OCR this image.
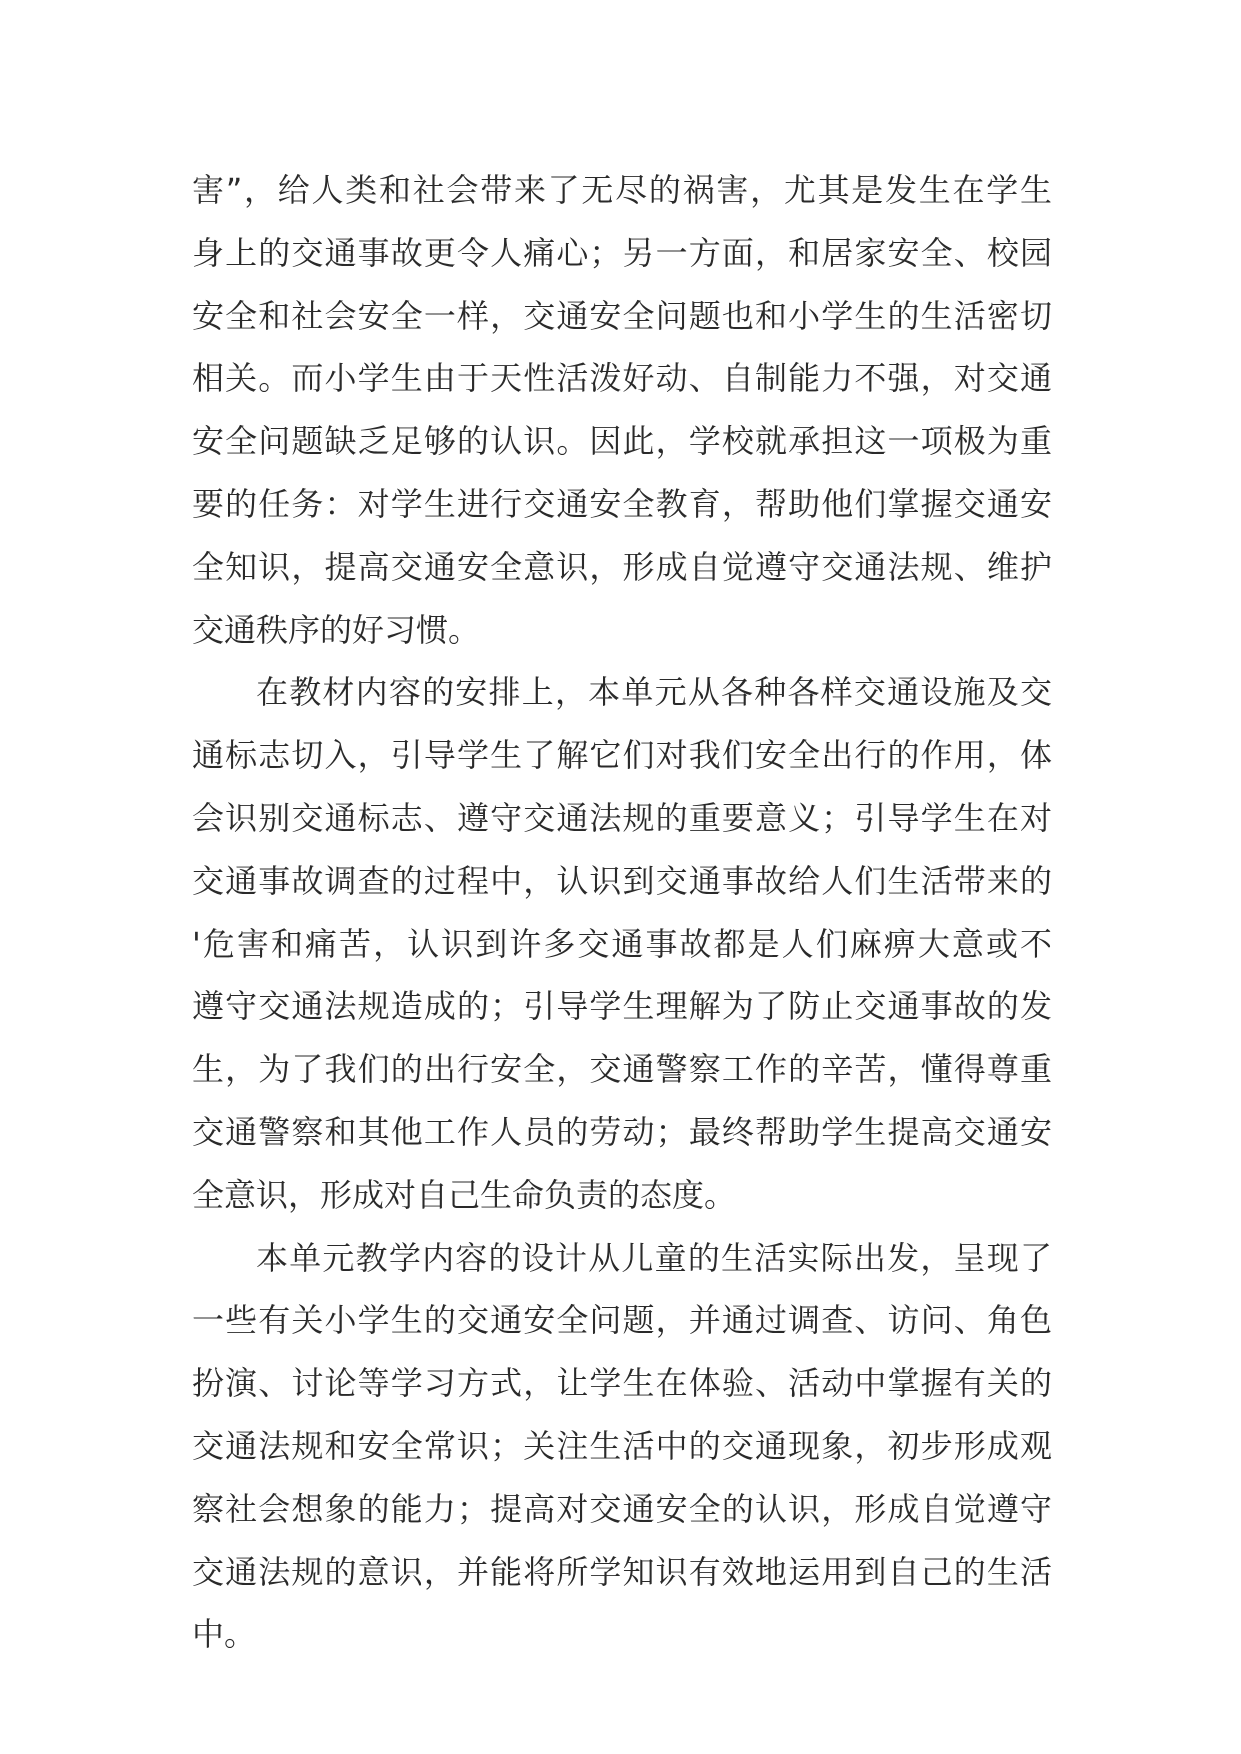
害”，给人类和社会带来了无尽的祸害，尤其是发生在学生
身上的交通事故更令人痛心；另一方面，和居家安全、校园
安全和社会安全一样，交通安全问题也和小学生的生活密切
相关。而小学生由于天性活泼好动、自制能力不强，对交通
安全问题缺乏足够的认识。因此，学校就承担这一项极为重
要的任务：对学生进行交通安全教育，帮助他们掌握交通安
全知识，提高交通安全意识，形成自觉遵守交通法规、维护
交通秩序的好习惯。
在教材内容的安排上，本单元从各种各样交通设施及交
通标志切入，引导学生了解它们对我们安全出行的作用，体
会识别交通标志、遵守交通法规的重要意义；引导学生在对
交通事故调查的过程中，认识到交通事故给人们生活带来的
'危害和痛苦，认识到许多交通事故都是人们麻痹大意或不
遵守交通法规造成的；引导学生理解为了防止交通事故的发
生，为了我们的出行安全，交通警察工作的辛苦，懂得尊重
交通警察和其他工作人员的劳动；最终帮助学生提高交通安
全意识，形成对自己生命负责的态度。
本单元教学内容的设计从儿童的生活实际出发，呈现了
一些有关小学生的交通安全问题，并通过调查、访问、角色
扮演、讨论等学习方式，让学生在体验、活动中掌握有关的
交通法规和安全常识；关注生活中的交通现象，初步形成观
察社会想象的能力；提高对交通安全的认识，形成自觉遵守
交通法规的意识，并能将所学知识有效地运用到自己的生活
中。
